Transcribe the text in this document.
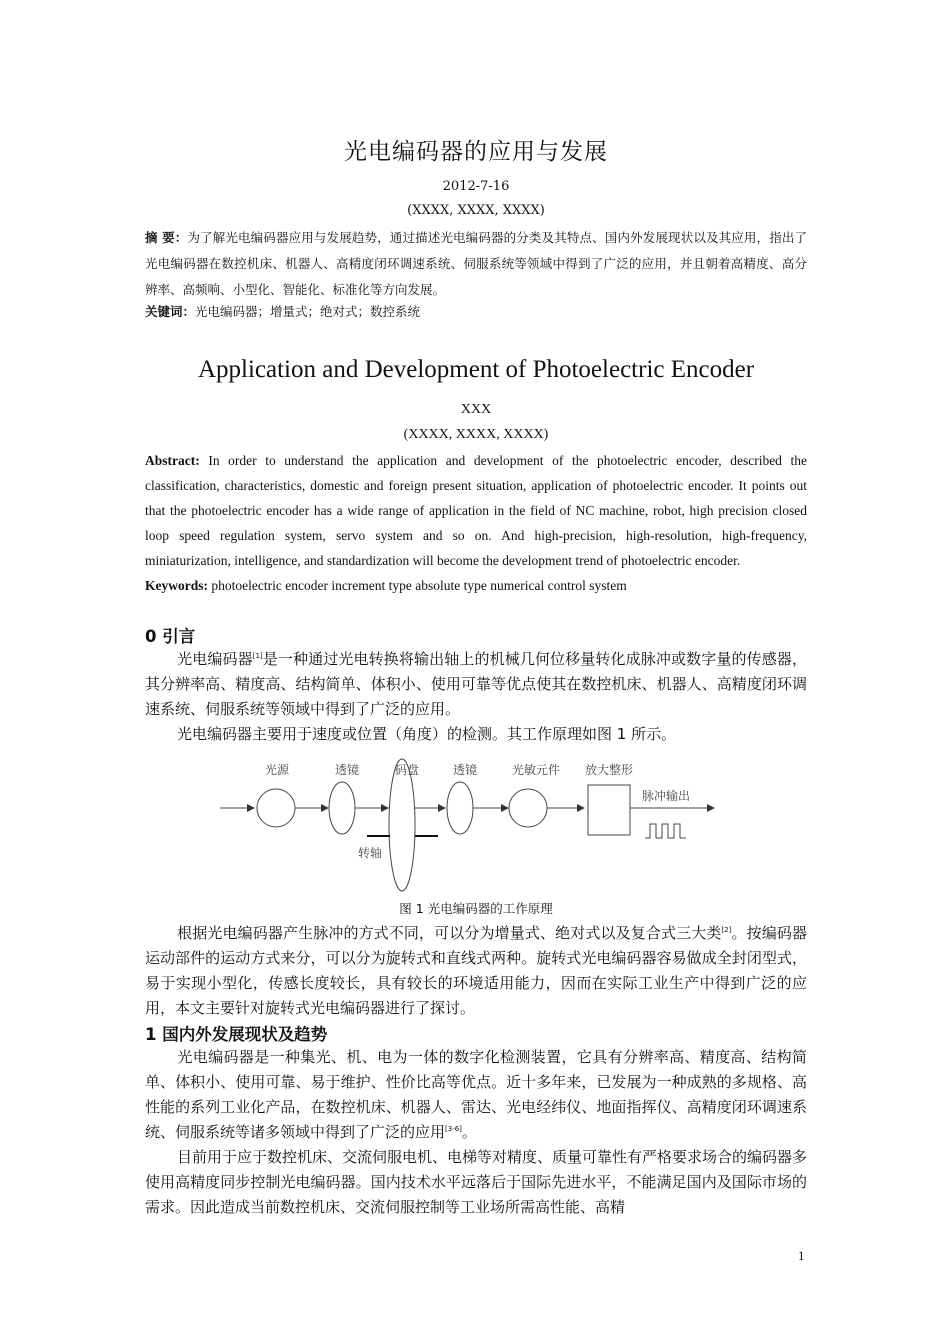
光电编码器的应用与发展
2012-7-16
(XXXX, XXXX, XXXX)
摘 要：为了解光电编码器应用与发展趋势，通过描述光电编码器的分类及其特点、国内外发展现状以及其应用，指出了光电编码器在数控机床、机器人、高精度闭环调速系统、伺服系统等领域中得到了广泛的应用，并且朝着高精度、高分辨率、高频响、小型化、智能化、标准化等方向发展。
关键词：光电编码器；增量式；绝对式；数控系统
Application and Development of Photoelectric Encoder
XXX
(XXXX, XXXX, XXXX)
Abstract: In order to understand the application and development of the photoelectric encoder, described the classification, characteristics, domestic and foreign present situation, application of photoelectric encoder. It points out that the photoelectric encoder has a wide range of application in the field of NC machine, robot, high precision closed loop speed regulation system, servo system and so on. And high-precision, high-resolution, high-frequency, miniaturization, intelligence, and standardization will become the development trend of photoelectric encoder.
Keywords: photoelectric encoder increment type absolute type numerical control system
0 引言
光电编码器[1]是一种通过光电转换将输出轴上的机械几何位移量转化成脉冲或数字量的传感器，其分辨率高、精度高、结构简单、体积小、使用可靠等优点使其在数控机床、机器人、高精度闭环调速系统、伺服系统等领域中得到了广泛的应用。
光电编码器主要用于速度或位置（角度）的检测。其工作原理如图 1 所示。
光源	透镜	码盘	透镜	光敏元件 放大整形
转轴
脉冲输出
图 1 光电编码器的工作原理
根据光电编码器产生脉冲的方式不同，可以分为增量式、绝对式以及复合式三大类[2]。按编码器运动部件的运动方式来分，可以分为旋转式和直线式两种。旋转式光电编码器容易做成全封闭型式，易于实现小型化，传感长度较长，具有较长的环境适用能力，因而在实际工业生产中得到广泛的应用，本文主要针对旋转式光电编码器进行了探讨。
1 国内外发展现状及趋势
光电编码器是一种集光、机、电为一体的数字化检测装置，它具有分辨率高、精度高、结构简单、体积小、使用可靠、易于维护、性价比高等优点。近十多年来，已发展为一种成熟的多规格、高性能的系列工业化产品，在数控机床、机器人、雷达、光电经纬仪、地面指挥仪、高精度闭环调速系统、伺服系统等诸多领域中得到了广泛的应用[3-6]。
目前用于应于数控机床、交流伺服电机、电梯等对精度、质量可靠性有严格要求场合的编码器多使用高精度同步控制光电编码器。国内技术水平远落后于国际先进水平，不能满足国内及国际市场的需求。因此造成当前数控机床、交流伺服控制等工业场所需高性能、高精
1
